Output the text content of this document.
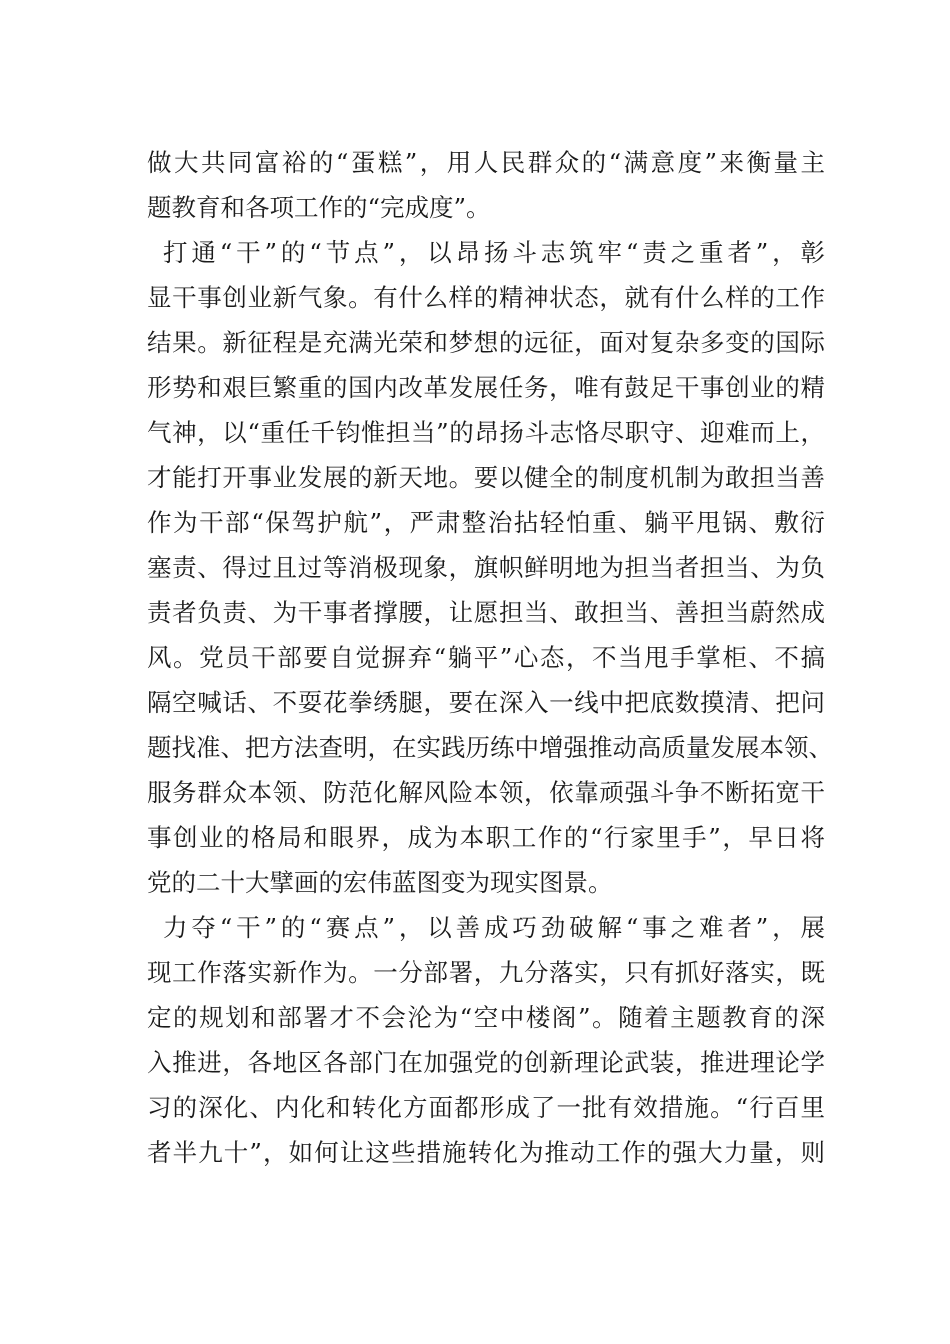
做大共同富裕的“蛋糕”，用人民群众的“满意度”来衡量主
题教育和各项工作的“完成度”。
打通“干”的“节点”，以昂扬斗志筑牢“责之重者”，彰
显干事创业新气象。有什么样的精神状态，就有什么样的工作
结果。新征程是充满光荣和梦想的远征，面对复杂多变的国际
形势和艰巨繁重的国内改革发展任务，唯有鼓足干事创业的精
气神，以“重任千钧惟担当”的昂扬斗志恪尽职守、迎难而上，
才能打开事业发展的新天地。要以健全的制度机制为敢担当善
作为干部“保驾护航”，严肃整治拈轻怕重、躺平甩锅、敷衍
塞责、得过且过等消极现象，旗帜鲜明地为担当者担当、为负
责者负责、为干事者撑腰，让愿担当、敢担当、善担当蔚然成
风。党员干部要自觉摒弃“躺平”心态，不当甩手掌柜、不搞
隔空喊话、不耍花拳绣腿，要在深入一线中把底数摸清、把问
题找准、把方法查明，在实践历练中增强推动高质量发展本领、
服务群众本领、防范化解风险本领，依靠顽强斗争不断拓宽干
事创业的格局和眼界，成为本职工作的“行家里手”，早日将
党的二十大擘画的宏伟蓝图变为现实图景。
力夺“干”的“赛点”，以善成巧劲破解“事之难者”，展
现工作落实新作为。一分部署，九分落实，只有抓好落实，既
定的规划和部署才不会沦为“空中楼阁”。随着主题教育的深
入推进，各地区各部门在加强党的创新理论武装，推进理论学
习的深化、内化和转化方面都形成了一批有效措施。“行百里
者半九十”，如何让这些措施转化为推动工作的强大力量，则
